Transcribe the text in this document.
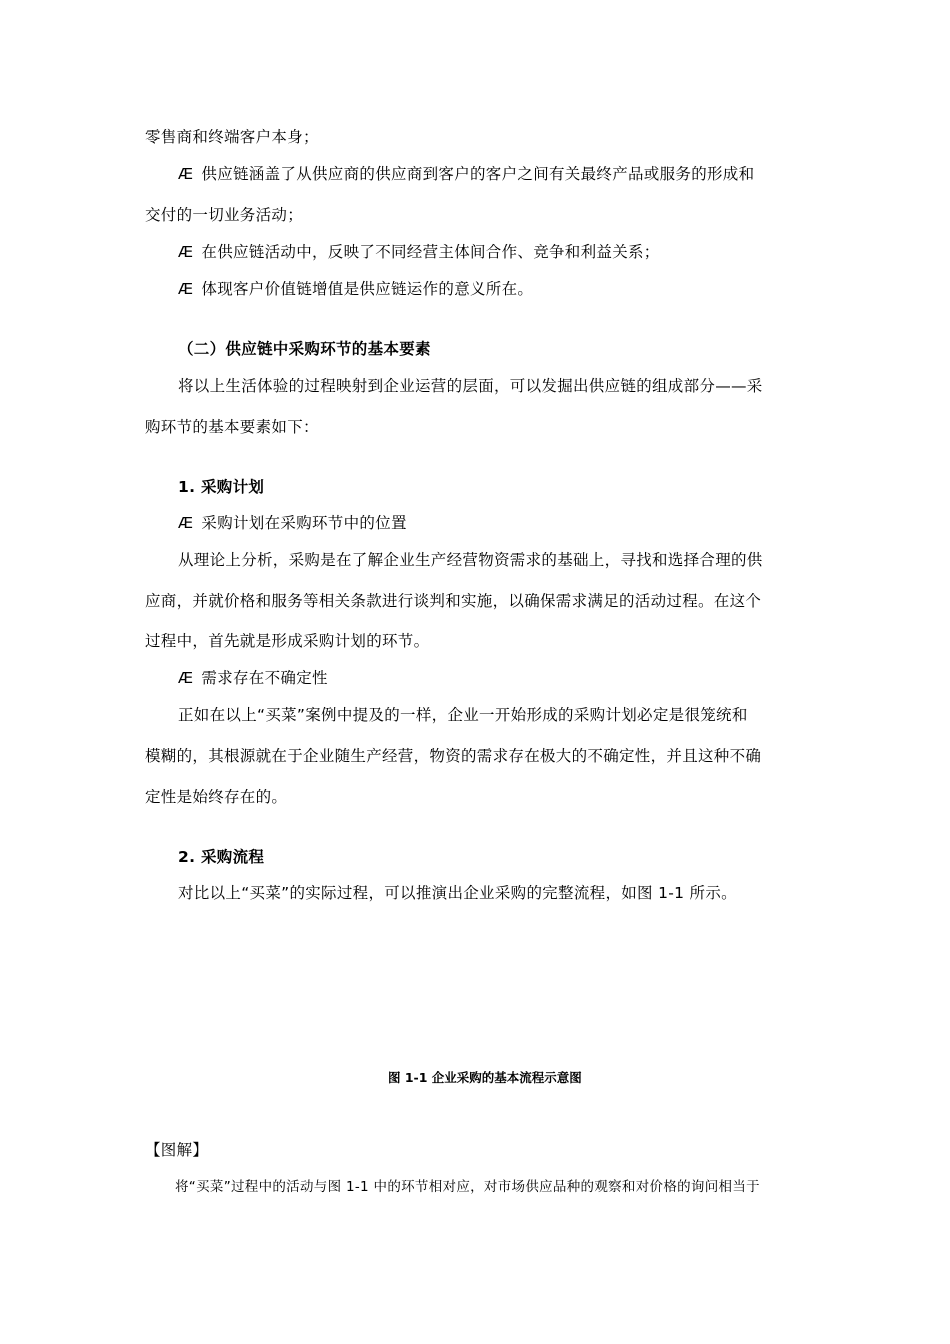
零售商和终端客户本身；
Æ 供应链涵盖了从供应商的供应商到客户的客户之间有关最终产品或服务的形成和
交付的一切业务活动；
Æ 在供应链活动中，反映了不同经营主体间合作、竞争和利益关系；
Æ 体现客户价值链增值是供应链运作的意义所在。
（二）供应链中采购环节的基本要素
将以上生活体验的过程映射到企业运营的层面，可以发掘出供应链的组成部分——采
购环节的基本要素如下：
1. 采购计划
Æ 采购计划在采购环节中的位置
从理论上分析，采购是在了解企业生产经营物资需求的基础上，寻找和选择合理的供
应商，并就价格和服务等相关条款进行谈判和实施，以确保需求满足的活动过程。在这个
过程中，首先就是形成采购计划的环节。
Æ 需求存在不确定性
正如在以上“买菜”案例中提及的一样，企业一开始形成的采购计划必定是很笼统和
模糊的，其根源就在于企业随生产经营，物资的需求存在极大的不确定性，并且这种不确
定性是始终存在的。
2. 采购流程
对比以上“买菜”的实际过程，可以推演出企业采购的完整流程，如图 1-1 所示。
图 1-1 企业采购的基本流程示意图
【图解】
将“买菜”过程中的活动与图 1-1 中的环节相对应，对市场供应品种的观察和对价格的询问相当于
